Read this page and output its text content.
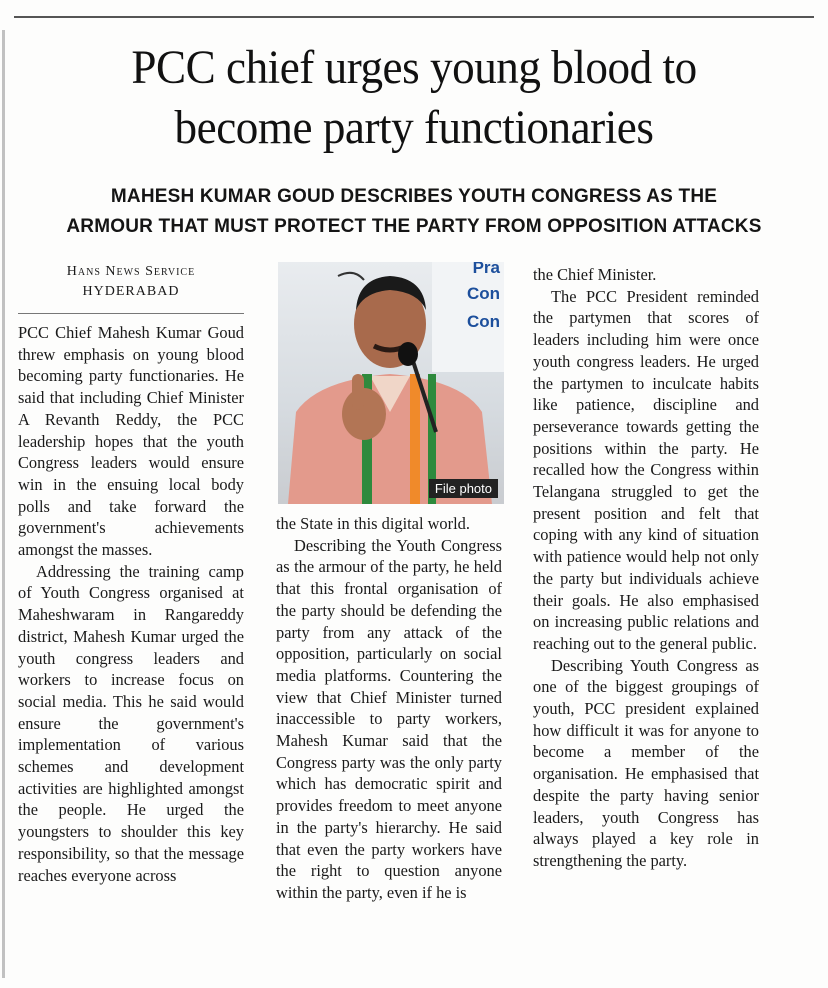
PCC chief urges young blood to
become party functionaries
MAHESH KUMAR GOUD DESCRIBES YOUTH CONGRESS AS THE
ARMOUR THAT MUST PROTECT THE PARTY FROM OPPOSITION ATTACKS
Hans News Service
HYDERABAD

PCC Chief Mahesh Kumar Goud threw emphasis on young blood becoming party functionaries. He said that including Chief Minister A Revanth Reddy, the PCC leadership hopes that the youth Congress leaders would ensure win in the ensuing local body polls and take forward the government's achievements amongst the masses.

Addressing the training camp of Youth Congress organised at Maheshwaram in Rangareddy district, Mahesh Kumar urged the youth congress leaders and workers to increase focus on social media. This he said would ensure the government's implementation of various schemes and development activities are highlighted amongst the people. He urged the youngsters to shoulder this key responsibility, so that the message reaches everyone across

Pra
Con
Con
File photo

the State in this digital world.

Describing the Youth Congress as the armour of the party, he held that this frontal organisation of the party should be defending the party from any attack of the opposition, particularly on social media platforms. Countering the view that Chief Minister turned inaccessible to party workers, Mahesh Kumar said that the Congress party was the only party which has democratic spirit and provides freedom to meet anyone in the party's hierarchy. He said that even the party workers have the right to question anyone within the party, even if he is

the Chief Minister.

The PCC President reminded the partymen that scores of leaders including him were once youth congress leaders. He urged the partymen to inculcate habits like patience, discipline and perseverance towards getting the positions within the party. He recalled how the Congress within Telangana struggled to get the present position and felt that coping with any kind of situation with patience would help not only the party but individuals achieve their goals. He also emphasised on increasing public relations and reaching out to the general public.

Describing Youth Congress as one of the biggest groupings of youth, PCC president explained how difficult it was for anyone to become a member of the organisation. He emphasised that despite the party having senior leaders, youth Congress has always played a key role in strengthening the party.
